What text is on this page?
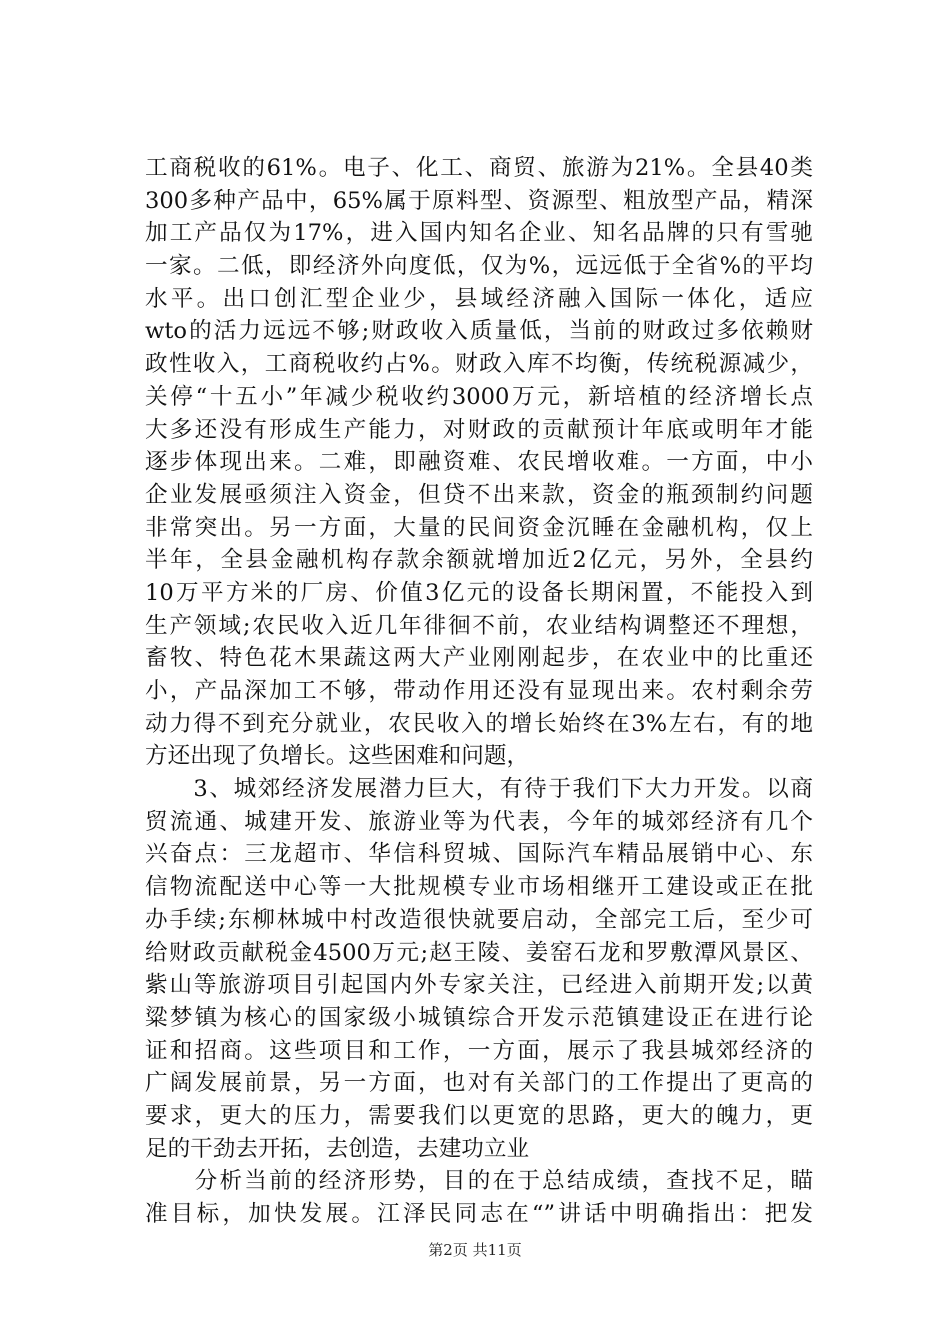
工商税收的61%。电子、化工、商贸、旅游为21%。全县40类
300多种产品中，65%属于原料型、资源型、粗放型产品，精深
加工产品仅为17%，进入国内知名企业、知名品牌的只有雪驰
一家。二低，即经济外向度低，仅为%，远远低于全省%的平均
水平。出口创汇型企业少，县域经济融入国际一体化，适应
wto的活力远远不够;财政收入质量低，当前的财政过多依赖财
政性收入，工商税收约占%。财政入库不均衡，传统税源减少，
关停“十五小”年减少税收约3000万元，新培植的经济增长点
大多还没有形成生产能力，对财政的贡献预计年底或明年才能
逐步体现出来。二难，即融资难、农民增收难。一方面，中小
企业发展亟须注入资金，但贷不出来款，资金的瓶颈制约问题
非常突出。另一方面，大量的民间资金沉睡在金融机构，仅上
半年，全县金融机构存款余额就增加近2亿元，另外，全县约
10万平方米的厂房、价值3亿元的设备长期闲置，不能投入到
生产领域;农民收入近几年徘徊不前，农业结构调整还不理想，
畜牧、特色花木果蔬这两大产业刚刚起步，在农业中的比重还
小，产品深加工不够，带动作用还没有显现出来。农村剩余劳
动力得不到充分就业，农民收入的增长始终在3%左右，有的地
方还出现了负增长。这些困难和问题，
　　3、城郊经济发展潜力巨大，有待于我们下大力开发。以商
贸流通、城建开发、旅游业等为代表，今年的城郊经济有几个
兴奋点：三龙超市、华信科贸城、国际汽车精品展销中心、东
信物流配送中心等一大批规模专业市场相继开工建设或正在批
办手续;东柳林城中村改造很快就要启动，全部完工后，至少可
给财政贡献税金4500万元;赵王陵、姜窑石龙和罗敷潭风景区、
紫山等旅游项目引起国内外专家关注，已经进入前期开发;以黄
粱梦镇为核心的国家级小城镇综合开发示范镇建设正在进行论
证和招商。这些项目和工作，一方面，展示了我县城郊经济的
广阔发展前景，另一方面，也对有关部门的工作提出了更高的
要求，更大的压力，需要我们以更宽的思路，更大的魄力，更
足的干劲去开拓，去创造，去建功立业
　　分析当前的经济形势，目的在于总结成绩，查找不足，瞄
准目标，加快发展。江泽民同志在“”讲话中明确指出：把发
第2页 共11页
